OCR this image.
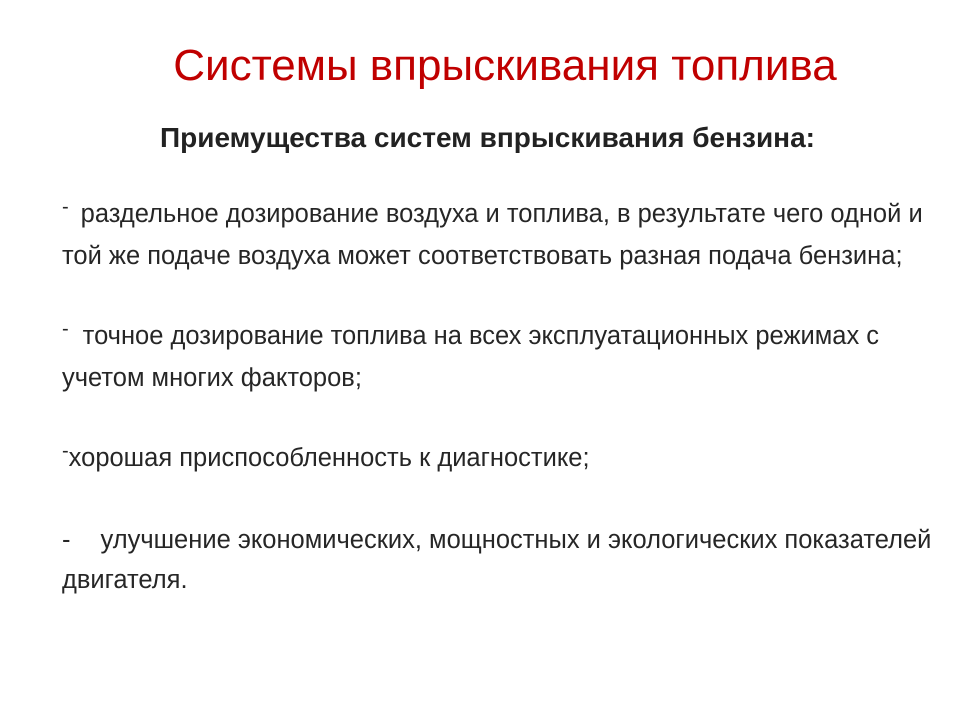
Системы впрыскивания топлива
Приемущества систем впрыскивания бензина:
- раздельное дозирование воздуха и топлива, в результате чего одной и той же подаче воздуха может соответствовать разная подача бензина;
- точное дозирование топлива на всех эксплуатационных режимах с учетом многих факторов;
-хорошая приспособленность к диагностике;
- улучшение экономических, мощностных и экологических показателей двигателя.
